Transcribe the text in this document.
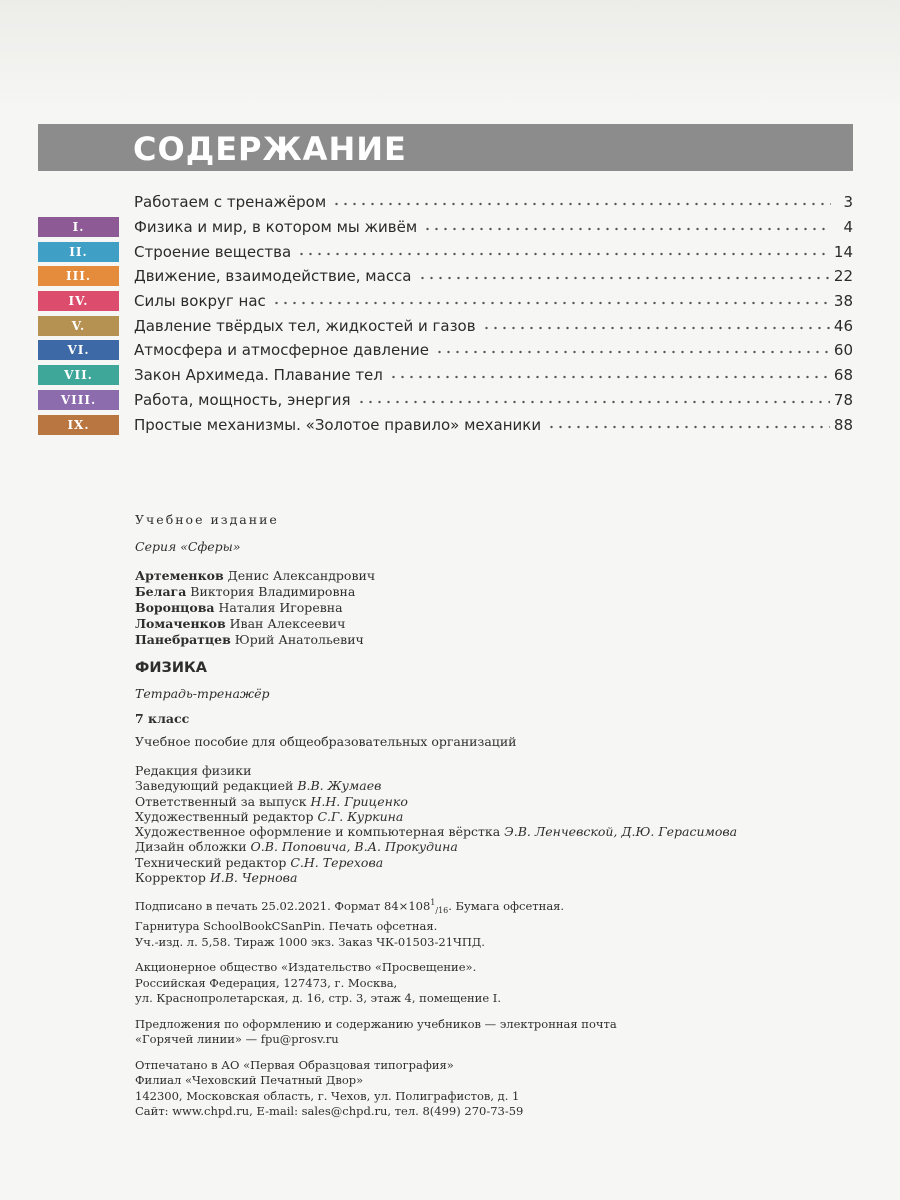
СОДЕРЖАНИЕ
Работаем с тренажёром	3
I.	Физика и мир, в котором мы живём	4
II.	Строение вещества	14
III.	Движение, взаимодействие, масса	22
IV.	Силы вокруг нас	38
V.	Давление твёрдых тел, жидкостей и газов	46
VI.	Атмосфера и атмосферное давление	60
VII.	Закон Архимеда. Плавание тел	68
VIII.	Работа, мощность, энергия	78
IX.	Простые механизмы. «Золотое правило» механики	88
Учебное издание
Серия «Сферы»
Артеменков Денис Александрович
Белага Виктория Владимировна
Воронцова Наталия Игоревна
Ломаченков Иван Алексеевич
Панебратцев Юрий Анатольевич
ФИЗИКА
Тетрадь-тренажёр
7 класс
Учебное пособие для общеобразовательных организаций
Редакция физики
Заведующий редакцией В.В. Жумаев
Ответственный за выпуск Н.Н. Гриценко
Художественный редактор С.Г. Куркина
Художественное оформление и компьютерная вёрстка Э.В. Ленчевской, Д.Ю. Герасимова
Дизайн обложки О.В. Поповича, В.А. Прокудина
Технический редактор С.Н. Терехова
Корректор И.В. Чернова
Подписано в печать 25.02.2021. Формат $84\times 108^1_{/16}$. Бумага офсетная.
Гарнитура SchoolBookCSanPin. Печать офсетная.
Уч.-изд. л. 5,58. Тираж 1000 экз. Заказ ЧК-01503-21ЧПД.
Акционерное общество «Издательство «Просвещение».
Российская Федерация, 127473, г. Москва,
ул. Краснопролетарская, д. 16, стр. 3, этаж 4, помещение I.
Предложения по оформлению и содержанию учебников — электронная почта
«Горячей линии» — fpu@prosv.ru
Отпечатано в АО «Первая Образцовая типография»
Филиал «Чеховский Печатный Двор»
142300, Московская область, г. Чехов, ул. Полиграфистов, д. 1
Сайт: www.chpd.ru, E-mail: sales@chpd.ru, тел. 8(499) 270-73-59
